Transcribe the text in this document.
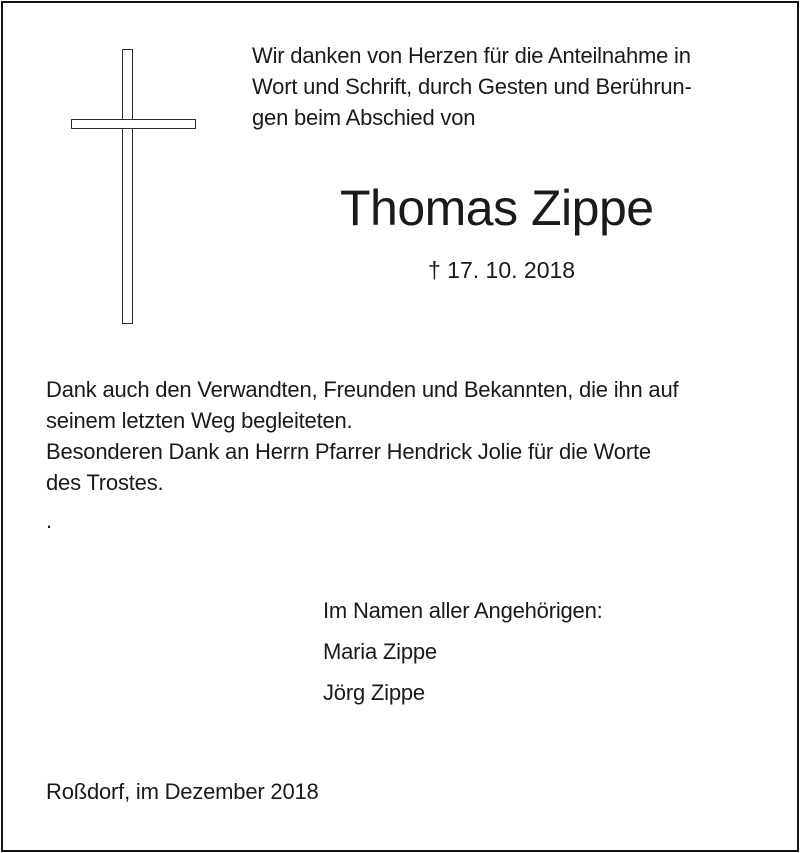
Wir danken von Herzen für die Anteilnahme in
Wort und Schrift, durch Gesten und Berührun-
gen beim Abschied von
Thomas Zippe
† 17. 10. 2018
Dank auch den Verwandten, Freunden und Bekannten, die ihn auf
seinem letzten Weg begleiteten.
Besonderen Dank an Herrn Pfarrer Hendrick Jolie für die Worte
des Trostes.
.
Im Namen aller Angehörigen:
Maria Zippe
Jörg Zippe
Roßdorf, im Dezember 2018
